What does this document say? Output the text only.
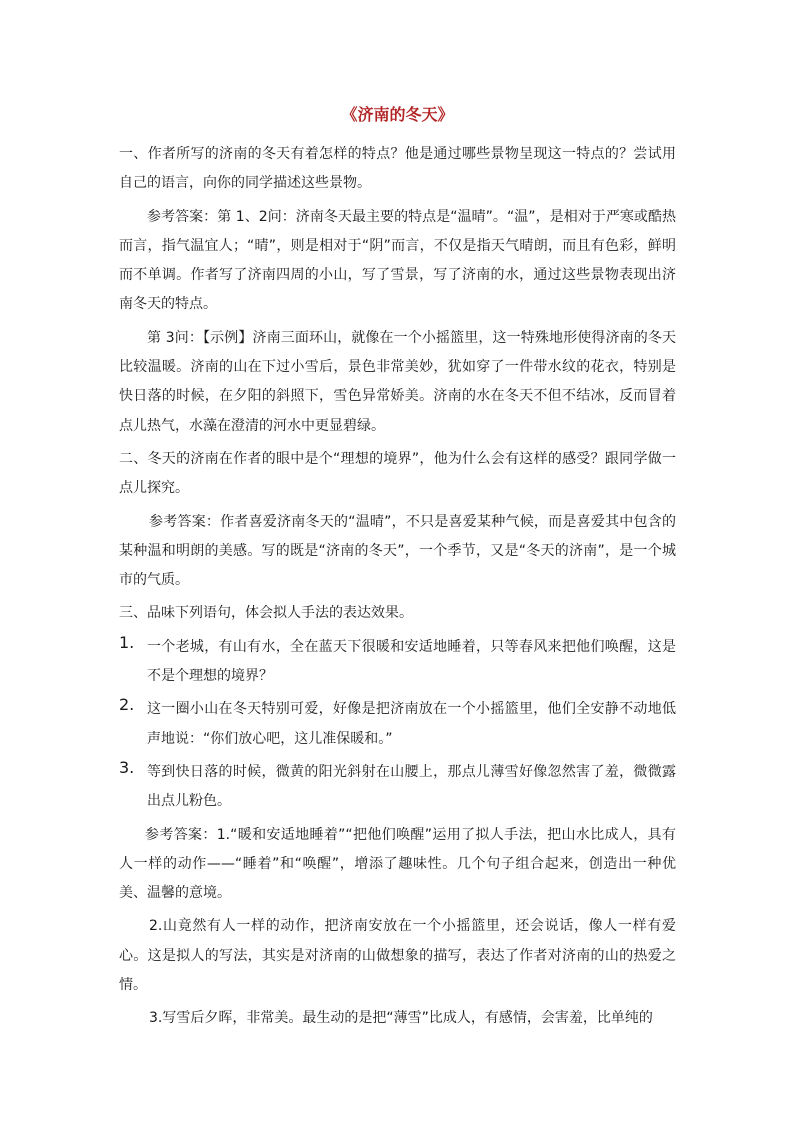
《济南的冬天》

一、作者所写的济南的冬天有着怎样的特点？他是通过哪些景物呈现这一特点的？尝试用自己的语言，向你的同学描述这些景物。

参考答案：第 1、2问：济南冬天最主要的特点是“温晴”。“温”，是相对于严寒或酷热而言，指气温宜人；“晴”，则是相对于“阴”而言，不仅是指天气晴朗，而且有色彩，鲜明而不单调。作者写了济南四周的小山，写了雪景，写了济南的水，通过这些景物表现出济南冬天的特点。

第 3问：【示例】济南三面环山，就像在一个小摇篮里，这一特殊地形使得济南的冬天比较温暖。济南的山在下过小雪后，景色非常美妙，犹如穿了一件带水纹的花衣，特别是快日落的时候，在夕阳的斜照下，雪色异常娇美。济南的水在冬天不但不结冰，反而冒着点儿热气，水藻在澄清的河水中更显碧绿。

二、冬天的济南在作者的眼中是个“理想的境界”，他为什么会有这样的感受？跟同学做一点儿探究。

参考答案：作者喜爱济南冬天的“温晴”，不只是喜爱某种气候，而是喜爱其中包含的某种温和明朗的美感。写的既是“济南的冬天”，一个季节，又是“冬天的济南”，是一个城市的气质。

三、品味下列语句，体会拟人手法的表达效果。

1. 一个老城，有山有水，全在蓝天下很暖和安适地睡着，只等春风来把他们唤醒，这是不是个理想的境界？

2. 这一圈小山在冬天特别可爱，好像是把济南放在一个小摇篮里，他们全安静不动地低声地说：“你们放心吧，这儿准保暖和。”

3. 等到快日落的时候，微黄的阳光斜射在山腰上，那点儿薄雪好像忽然害了羞，微微露出点儿粉色。

参考答案：1.“暖和安适地睡着”“把他们唤醒”运用了拟人手法，把山水比成人，具有人一样的动作——“睡着”和“唤醒”，增添了趣味性。几个句子组合起来，创造出一种优美、温馨的意境。

2.山竟然有人一样的动作，把济南安放在一个小摇篮里，还会说话，像人一样有爱心。这是拟人的写法，其实是对济南的山做想象的描写，表达了作者对济南的山的热爱之情。

3.写雪后夕晖，非常美。最生动的是把“薄雪”比成人，有感情，会害羞，比单纯的
